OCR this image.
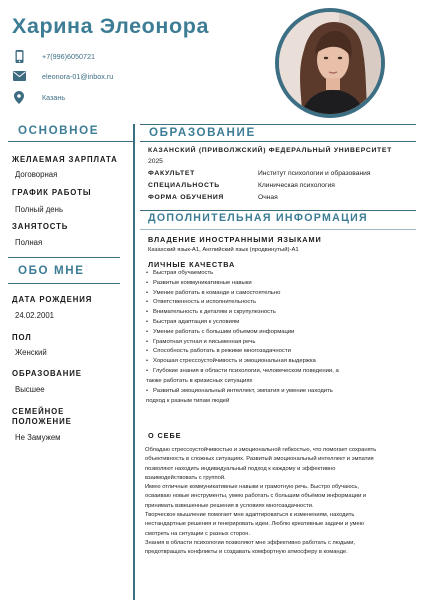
Харина Элеонора
+7(996)6050721
eleonora-01@inbox.ru
Казань
ОСНОВНОЕ
ЖЕЛАЕМАЯ ЗАРПЛАТА
Договорная
ГРАФИК РАБОТЫ
Полный день
ЗАНЯТОСТЬ
Полная
ОБО МНЕ
ДАТА РОЖДЕНИЯ
24.02.2001
ПОЛ
Женский
ОБРАЗОВАНИЕ
Высшее
СЕМЕЙНОЕ
ПОЛОЖЕНИЕ
Не Замужем
ОБРАЗОВАНИЕ
КАЗАНСКИЙ (ПРИВОЛЖСКИЙ) ФЕДЕРАЛЬНЫЙ УНИВЕРСИТЕТ
2025
ФАКУЛЬТЕТ	Институт психологии и образования
СПЕЦИАЛЬНОСТЬ	Клиническая психология
ФОРМА ОБУЧЕНИЯ	Очная
ДОПОЛНИТЕЛЬНАЯ ИНФОРМАЦИЯ
ВЛАДЕНИЕ ИНОСТРАННЫМИ ЯЗЫКАМИ
Казахский язык-А1, Английский язык (продвинутый)-А1
ЛИЧНЫЕ КАЧЕСТВА
• Быстрая обучаемость
• Развитые коммуникативные навыки
• Умение работать в команде и самостоятельно
• Ответственность и исполнительность
• Внимательность к деталям и скрупулезность
• Быстрая адаптация к условиям
• Умение работать с большим объемом информации
• Грамотная устная и письменная речь
• Способность работать в режиме многозадачности
• Хорошая стрессоустойчивость и эмоциональная выдержка
• Глубокие знания в области психологии, человеческом поведении, а
также работать в кризисных ситуациях
• Развитый эмоциональный интеллект, эмпатия и умение находить
подход к разным типам людей
О СЕБЕ

Обладаю стрессоустойчивостью и эмоциональной гибкостью, что помогает сохранять

объективность в сложных ситуациях. Развитый эмоциональный интеллект и эмпатия

позволяют находить индивидуальный подход к каждому и эффективно

взаимодействовать с группой.

Имею отличные коммуникативные навыки и грамотную речь. Быстро обучаюсь,

осваиваю новые инструменты, умею работать с большим объёмом информации и

принимать взвешенные решения в условиях многозадачности.

Творческое мышление помогает мне адаптироваться к изменениям, находить

нестандартные решения и генерировать идеи. Люблю креативные задачи и умею

смотреть на ситуации с разных сторон.

Знания в области психологии позволяют мне эффективно работать с людьми,

предотвращать конфликты и создавать комфортную атмосферу в команде.
